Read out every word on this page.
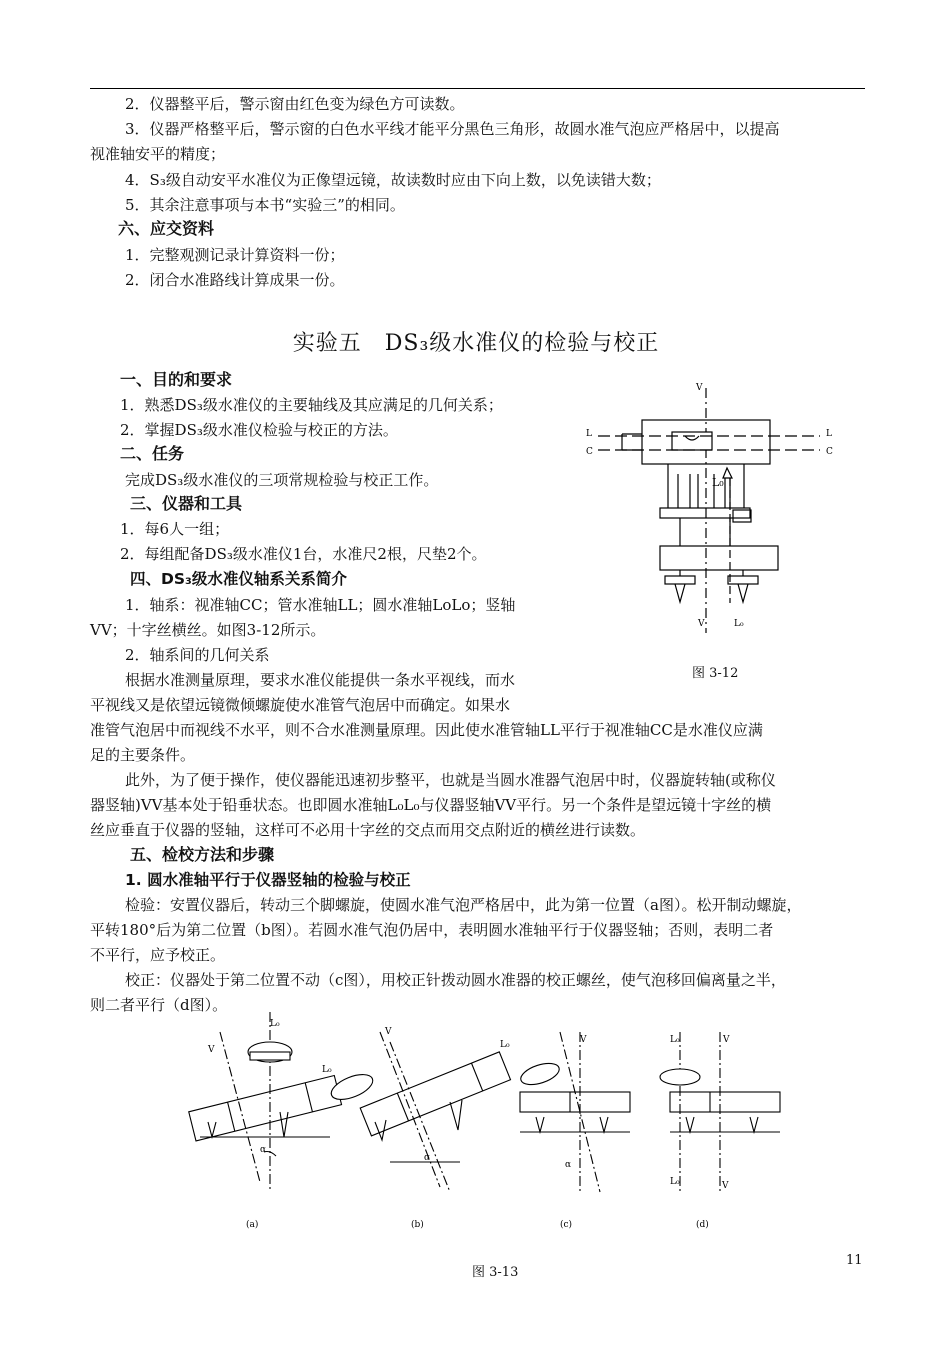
2．仪器整平后，警示窗由红色变为绿色方可读数。
3．仪器严格整平后，警示窗的白色水平线才能平分黑色三角形，故圆水准气泡应严格居中，以提高
视准轴安平的精度；
4．S₃级自动安平水准仪为正像望远镜，故读数时应由下向上数，以免读错大数；
5．其余注意事项与本书“实验三”的相同。
六、应交资料
1．完整观测记录计算资料一份；
2．闭合水准路线计算成果一份。
实验五　DS₃级水准仪的检验与校正
一、目的和要求
1．熟悉DS₃级水准仪的主要轴线及其应满足的几何关系；
2．掌握DS₃级水准仪检验与校正的方法。
二、任务
完成DS₃级水准仪的三项常规检验与校正工作。
三、仪器和工具
1．每6人一组；
2．每组配备DS₃级水准仪1台，水准尺2根，尺垫2个。
四、DS₃级水准仪轴系关系简介
1．轴系：视准轴CC；管水准轴LL；圆水准轴LoLo；竖轴
VV；十字丝横丝。如图3-12所示。
2．轴系间的几何关系
根据水准测量原理，要求水准仪能提供一条水平视线，而水
平视线又是依望远镜微倾螺旋使水准管气泡居中而确定。如果水
准管气泡居中而视线不水平，则不合水准测量原理。因此使水准管轴LL平行于视准轴CC是水准仪应满
足的主要条件。
此外，为了便于操作，使仪器能迅速初步整平，也就是当圆水准器气泡居中时，仪器旋转轴(或称仪
器竖轴)VV基本处于铅垂状态。也即圆水准轴L₀L₀与仪器竖轴VV平行。另一个条件是望远镜十字丝的横
丝应垂直于仪器的竖轴，这样可不必用十字丝的交点而用交点附近的横丝进行读数。
五、检校方法和步骤
1. 圆水准轴平行于仪器竖轴的检验与校正
检验：安置仪器后，转动三个脚螺旋，使圆水准气泡严格居中，此为第一位置（a图）。松开制动螺旋，
平转180°后为第二位置（b图）。若圆水准气泡仍居中，表明圆水准轴平行于仪器竖轴；否则，表明二者
不平行，应予校正。
校正：仪器处于第二位置不动（c图），用校正针拨动圆水准器的校正螺丝，使气泡移回偏离量之半，
则二者平行（d图）。
V
L
C
L
C
L₀
V	L₀
图 3-12
L₀
V
α
L₀
V
α
L₀	V
α
L₀	V
L₀	V
(a)	(b)	(c)	(d)
11
图 3-13
